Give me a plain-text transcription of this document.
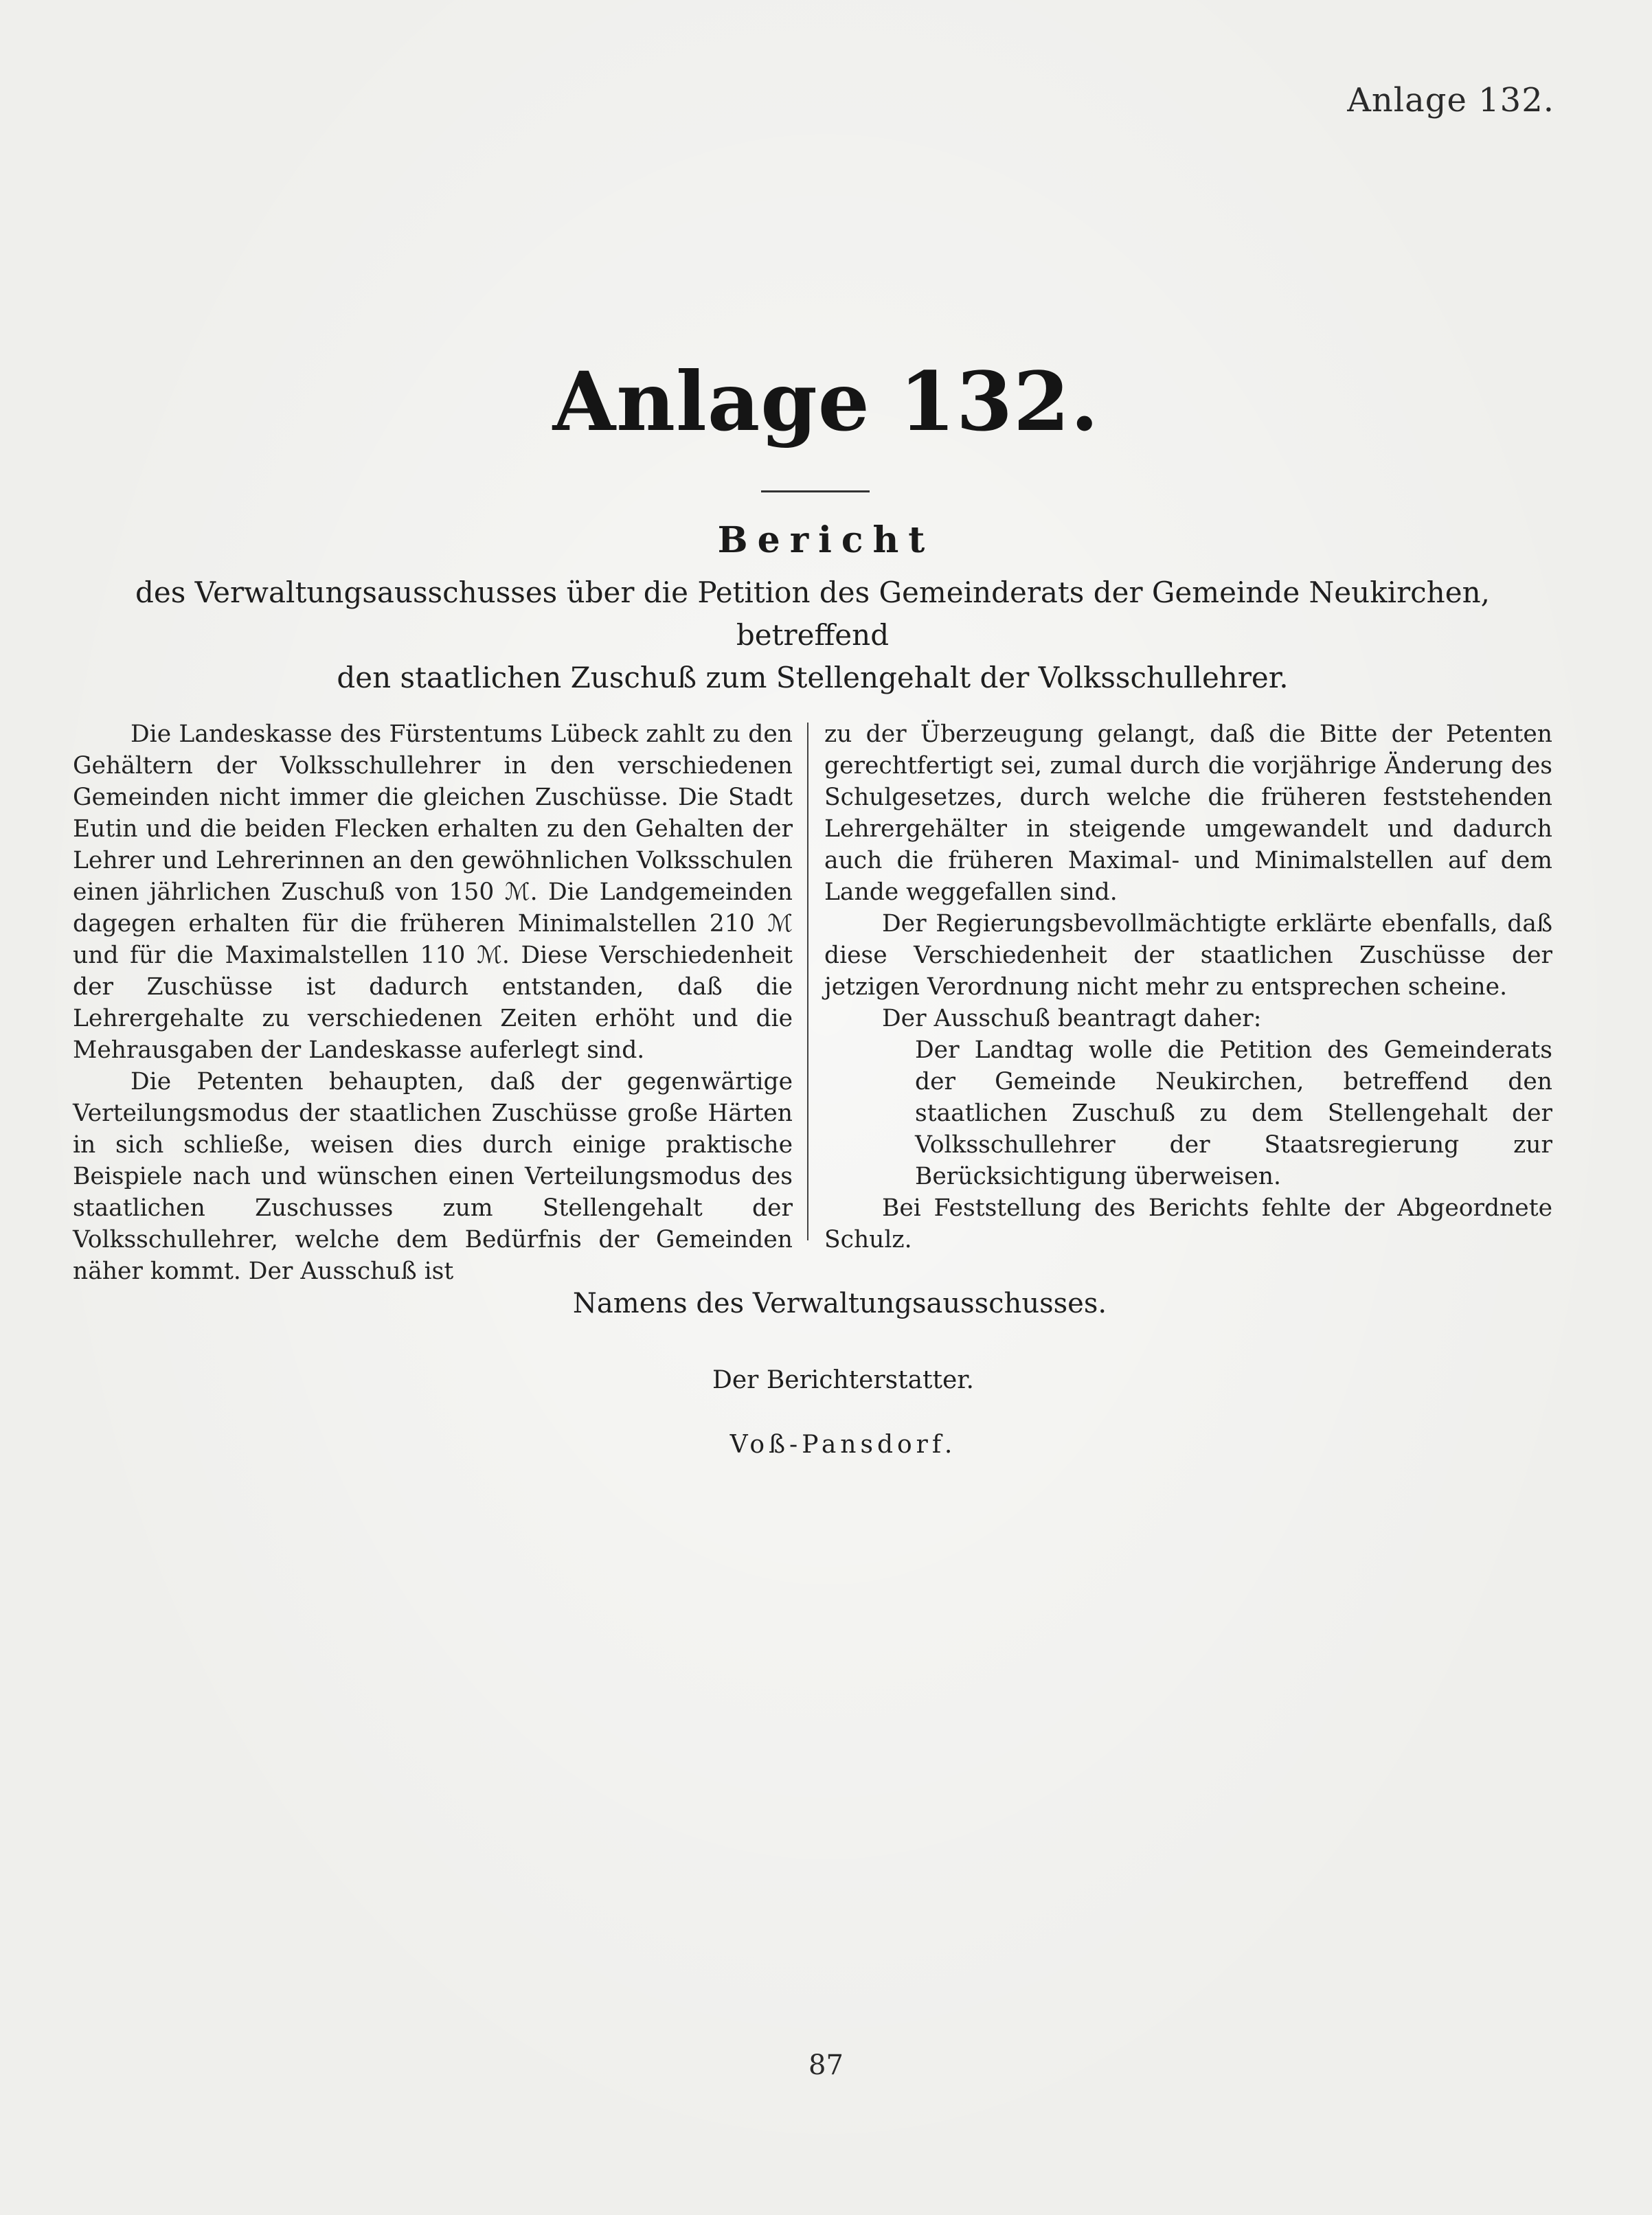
Anlage 132.
Anlage 132.
Bericht
des Verwaltungsausschusses über die Petition des Gemeinderats der Gemeinde Neukirchen, betreffend
den staatlichen Zuschuß zum Stellengehalt der Volksschullehrer.

Die Landeskasse des Fürstentums Lübeck zahlt zu den Gehältern der Volksschullehrer in den verschiedenen Gemeinden nicht immer die gleichen Zuschüsse. Die Stadt Eutin und die beiden Flecken erhalten zu den Gehalten der Lehrer und Lehrerinnen an den gewöhnlichen Volksschulen einen jährlichen Zuschuß von 150 ℳ. Die Landgemeinden dagegen erhalten für die früheren Minimalstellen 210 ℳ und für die Maximalstellen 110 ℳ. Diese Verschiedenheit der Zuschüsse ist dadurch entstanden, daß die Lehrergehalte zu verschiedenen Zeiten erhöht und die Mehrausgaben der Landeskasse auferlegt sind.

Die Petenten behaupten, daß der gegenwärtige Verteilungsmodus der staatlichen Zuschüsse große Härten in sich schließe, weisen dies durch einige praktische Beispiele nach und wünschen einen Verteilungsmodus des staatlichen Zuschusses zum Stellengehalt der Volksschullehrer, welche dem Bedürfnis der Gemeinden näher kommt. Der Ausschuß ist

zu der Überzeugung gelangt, daß die Bitte der Petenten gerechtfertigt sei, zumal durch die vorjährige Änderung des Schulgesetzes, durch welche die früheren feststehenden Lehrergehälter in steigende umgewandelt und dadurch auch die früheren Maximal- und Minimalstellen auf dem Lande weggefallen sind.

Der Regierungsbevollmächtigte erklärte ebenfalls, daß diese Verschiedenheit der staatlichen Zuschüsse der jetzigen Verordnung nicht mehr zu entsprechen scheine.

Der Ausschuß beantragt daher:

Der Landtag wolle die Petition des Gemeinderats der Gemeinde Neukirchen, betreffend den staatlichen Zuschuß zu dem Stellengehalt der Volksschullehrer der Staatsregierung zur Berücksichtigung überweisen.

Bei Feststellung des Berichts fehlte der Abgeordnete Schulz.

Namens des Verwaltungsausschusses.

Der Berichterstatter.

Voß-Pansdorf.

87
